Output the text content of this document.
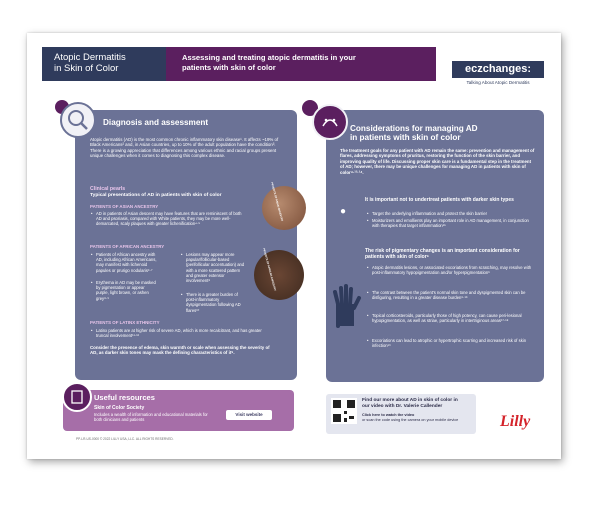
Atopic Dermatitis
in Skin of Color
Assessing and treating atopic dermatitis in your
patients with skin of color	eczchanges:
Talking About Atopic Dermatitis
Diagnosis and assessment
Atopic dermatitis (AD) is the most common chronic inflammatory skin disease¹. It affects ~19% of Black Americans² and, in Asian countries, up to 10% of the adult population have the condition³. There is a growing appreciation that differences among various ethnic and racial groups present unique challenges when it comes to diagnosing this complex disease.
Clinical pearls
Typical presentations of AD in patients with skin of color
PATIENTS OF ASIAN ANCESTRY
• AD in patients of Asian descent may have features that are reminiscent of both AD and psoriasis, compared with White patients, they may be more well-demarcated, scaly plaques with greater lichenification⁴·⁵
PATIENTS OF AFRICAN ANCESTRY
• Patients of African ancestry with AD, including African Americans, may manifest with lichenoid papules or prurigo nodularis⁶·⁷
• Erythema in AD may be masked by pigmentation or appear purple, light brown, or ashen grey⁸·⁹
• Lesions may appear more papular/follicular-based (perifollicular accentuation) and with a more scattered pattern and greater extensor involvement⁸
• There is a greater burden of post-inflammatory dyspigmentation following AD flares¹⁰
PATIENTS OF LATINX ETHNICITY
• Latinx patients are at higher risk of severe AD, which is more recalcitrant, and has greater truncal involvement¹¹·¹²
Consider the presence of edema, skin warmth or scale when assessing the severity of AD, as darker skin tones may mask the defining characteristics of it⁹.
PATIENTS OF ASIAN ANCESTRY
PATIENTS OF AFRICAN ANCESTRY
Considerations for managing AD
in patients with skin of color
The treatment goals for any patient with AD remain the same: prevention and management of flares, addressing symptoms of pruritus, restoring the function of the skin barrier, and improving quality of life. Discussing proper skin care is a fundamental step in the treatment of AD; however, there may be unique challenges for managing AD in patients with skin of color⁴·¹³·¹⁴.
It is important not to undertreat patients with darker skin types
• Target the underlying inflammation and protect the skin barrier
• Moisturizers and emollients play an important role in AD management, in conjunction with therapies that target inflammation¹⁵
The risk of pigmentary changes is an important consideration for patients with skin of color⁶
• Atopic dermatitis lesions, or associated excoriations from scratching, may resolve with post-inflammatory hypopigmentation and/or hyperpigmentation⁶
• The contrast between the patient's normal skin tone and dyspigmented skin can be disfiguring, resulting in a greater disease burden⁶·¹⁶
• Topical corticosteroids, particularly those of high potency, can cause peri-lesional hypopigmentation, as well as striae, particularly in intertriginous areas¹⁷·¹⁸
• Excoriations can lead to atrophic or hypertrophic scarring and increased risk of skin infection¹⁹
●
Useful resources
Skin of Color Society
Includes a wealth of information and educational materials for both clinicians and patients
Visit website
Find our more about AD in skin of color in
our video with Dr. Valerie Callender
Click here to watch the video
or scan the code using the camera on your mobile device
PP-LR-US-0000 © 2022 LILLY USA, LLC. ALL RIGHTS RESERVED.
Lilly
